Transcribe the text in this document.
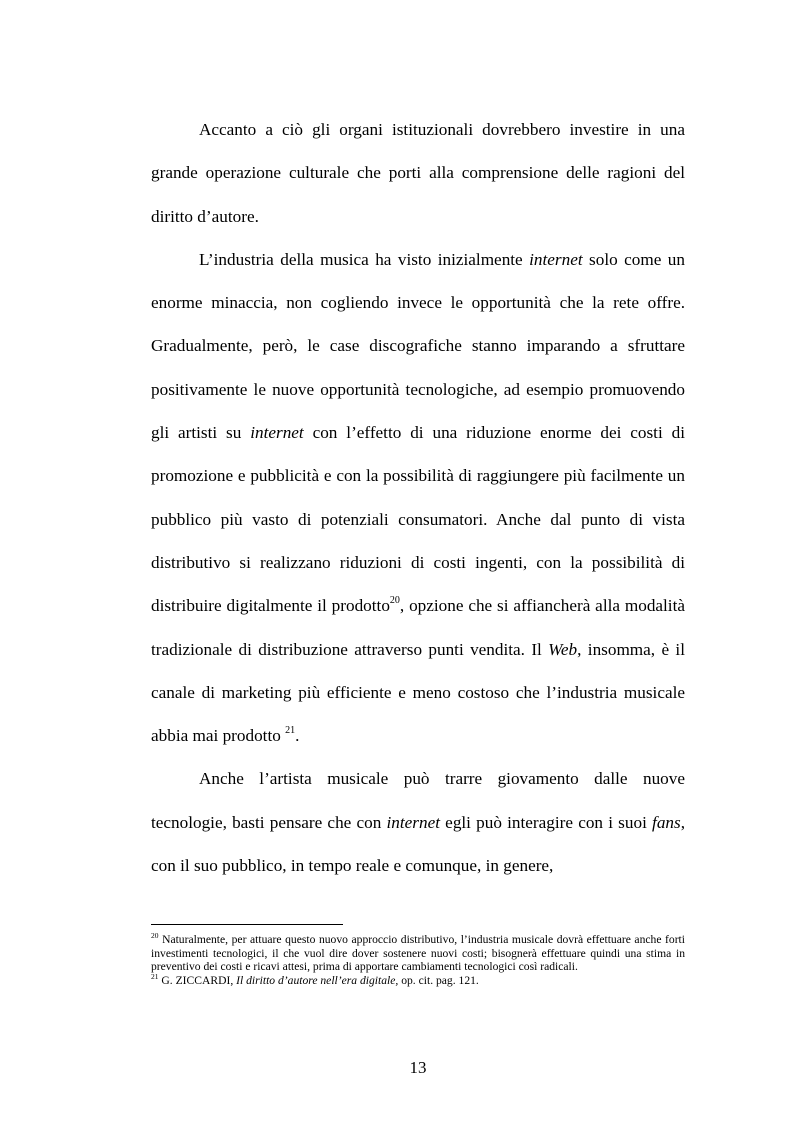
Accanto a ciò gli organi istituzionali dovrebbero investire in una grande operazione culturale che porti alla comprensione delle ragioni del diritto d’autore.

L’industria della musica ha visto inizialmente internet solo come un enorme minaccia, non cogliendo invece le opportunità che la rete offre. Gradualmente, però, le case discografiche stanno imparando a sfruttare positivamente le nuove opportunità tecnologiche, ad esempio promuovendo gli artisti su internet con l’effetto di una riduzione enorme dei costi di promozione e pubblicità e con la possibilità di raggiungere più facilmente un pubblico più vasto di potenziali consumatori. Anche dal punto di vista distributivo si realizzano riduzioni di costi ingenti, con la possibilità di distribuire digitalmente il prodotto$^{20}$, opzione che si affiancherà alla modalità tradizionale di distribuzione attraverso punti vendita. Il Web, insomma, è il canale di marketing più efficiente e meno costoso che l’industria musicale abbia mai prodotto $^{21}$.

Anche l’artista musicale può trarre giovamento dalle nuove tecnologie, basti pensare che con internet egli può interagire con i suoi fans, con il suo pubblico, in tempo reale e comunque, in genere,

$^{20}$ Naturalmente, per attuare questo nuovo approccio distributivo, l’industria musicale dovrà effettuare anche forti investimenti tecnologici, il che vuol dire dover sostenere nuovi costi; bisognerà effettuare quindi una stima in preventivo dei costi e ricavi attesi, prima di apportare cambiamenti tecnologici così radicali.

$^{21}$ G. ZICCARDI, Il diritto d’autore nell’era digitale, op. cit. pag. 121.

13
